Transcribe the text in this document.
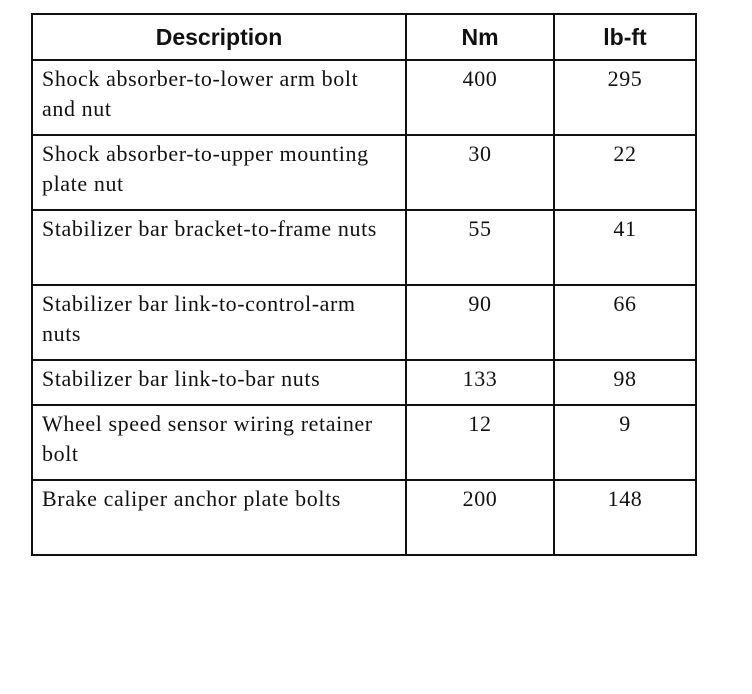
Description	Nm	lb-ft
Shock absorber-to-lower arm bolt and nut	400	295
Shock absorber-to-upper mounting plate nut	30	22
Stabilizer bar bracket-to-frame nuts	55	41
Stabilizer bar link-to-control-arm nuts	90	66
Stabilizer bar link-to-bar nuts	133	98
Wheel speed sensor wiring retainer bolt	12	9
Brake caliper anchor plate bolts	200	148
